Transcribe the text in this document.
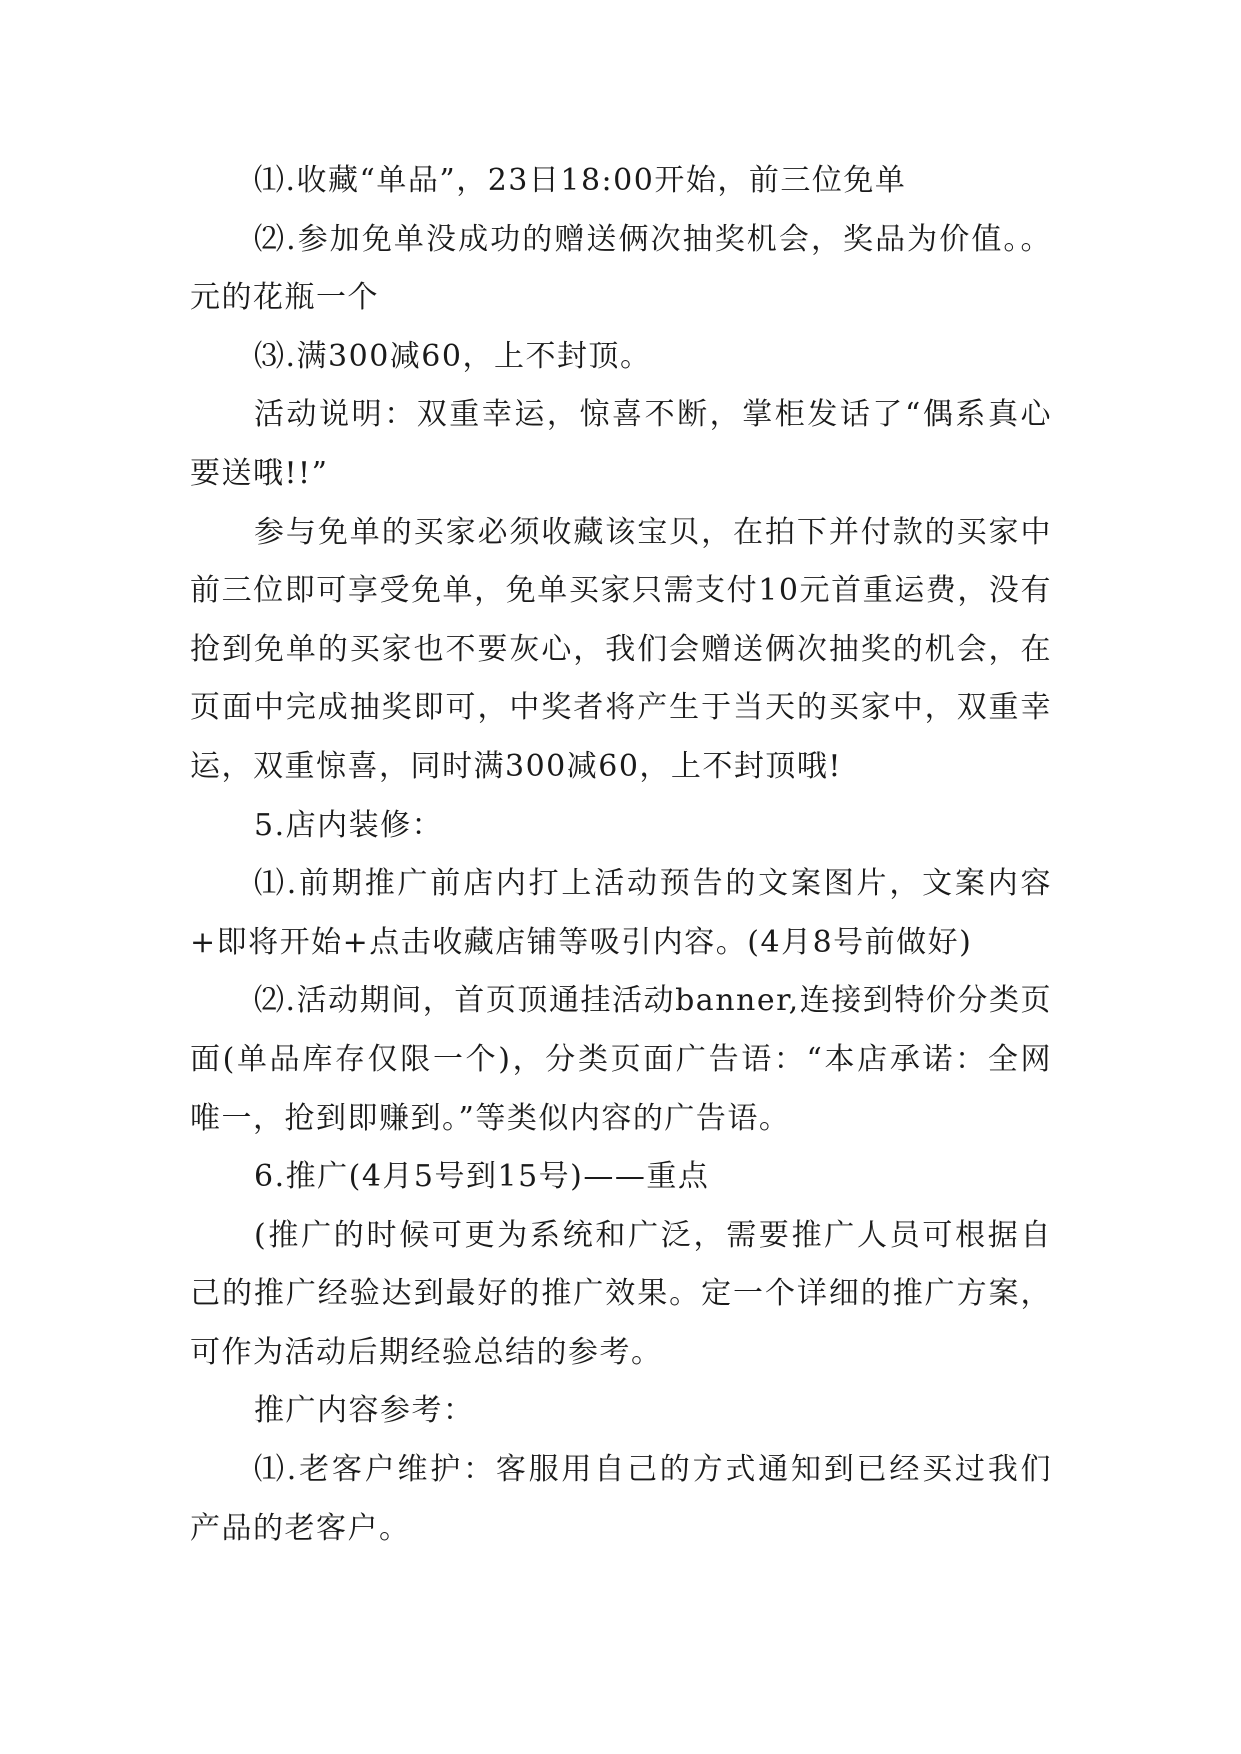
⑴.收藏“单品”，23日18:00开始，前三位免单

⑵.参加免单没成功的赠送俩次抽奖机会，奖品为价值。。元的花瓶一个

⑶.满300减60，上不封顶。

活动说明：双重幸运，惊喜不断，掌柜发话了“偶系真心要送哦!!”

参与免单的买家必须收藏该宝贝，在拍下并付款的买家中前三位即可享受免单，免单买家只需支付10元首重运费，没有抢到免单的买家也不要灰心，我们会赠送俩次抽奖的机会，在页面中完成抽奖即可，中奖者将产生于当天的买家中，双重幸运，双重惊喜，同时满300减60，上不封顶哦!

5.店内装修：

⑴.前期推广前店内打上活动预告的文案图片，文案内容+即将开始+点击收藏店铺等吸引内容。(4月8号前做好)

⑵.活动期间，首页顶通挂活动banner,连接到特价分类页面(单品库存仅限一个)，分类页面广告语：“本店承诺：全网唯一，抢到即赚到。”等类似内容的广告语。

6.推广(4月5号到15号)——重点

(推广的时候可更为系统和广泛，需要推广人员可根据自己的推广经验达到最好的推广效果。定一个详细的推广方案，可作为活动后期经验总结的参考。

推广内容参考：

⑴.老客户维护：客服用自己的方式通知到已经买过我们产品的老客户。
